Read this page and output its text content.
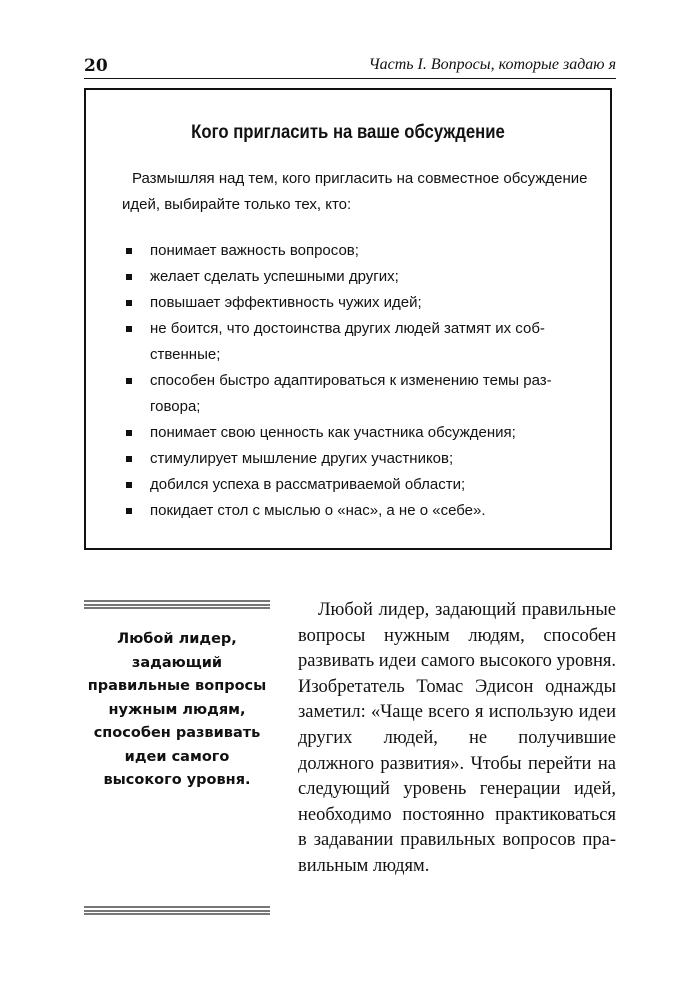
20	Часть I. Вопросы, которые задаю я
Кого пригласить на ваше обсуждение
Размышляя над тем, кого пригласить на совместное обсуждение идей, выбирайте только тех, кто:
понимает важность вопросов;
желает сделать успешными других;
повышает эффективность чужих идей;
не боится, что достоинства других людей затмят их собственные;
способен быстро адаптироваться к изменению темы разговора;
понимает свою ценность как участника обсуждения;
стимулирует мышление других участников;
добился успеха в рассматриваемой области;
покидает стол с мыслью о «нас», а не о «себе».
Любой лидер, задающий правильные вопросы нужным людям, способен развивать идеи самого высокого уровня.
Любой лидер, задающий правильные вопросы нужным людям, способен развивать идеи самого высокого уровня. Изобретатель Томас Эдисон однажды заметил: «Чаще всего я использую идеи других людей, не получившие должного развития». Чтобы перейти на следующий уровень генерации идей, необходимо постоянно практиковаться в задавании правильных вопросов правильным людям.
